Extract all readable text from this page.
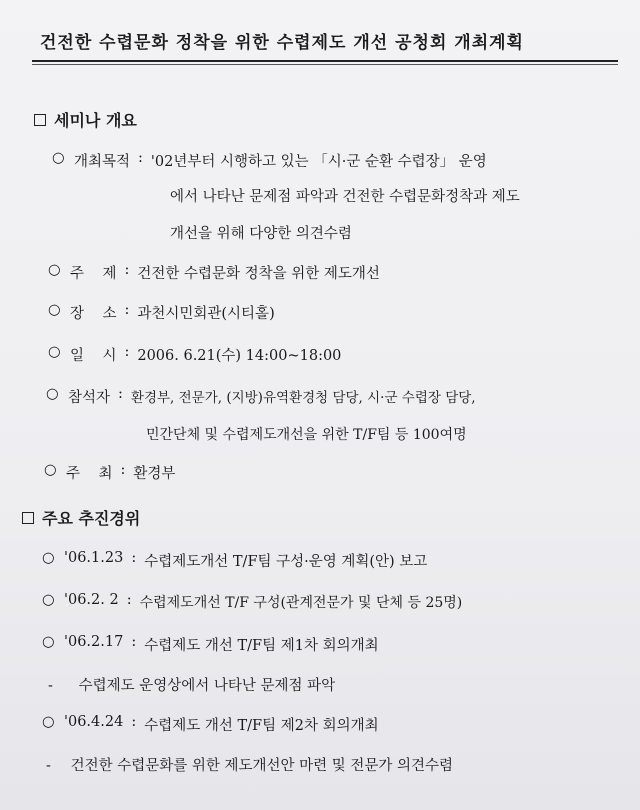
건전한 수렵문화 정착을 위한 수렵제도 개선 공청회 개최계획
세미나 개요
○ 개최목적 : '02년부터 시행하고 있는 「시·군 순환 수렵장」 운영
에서 나타난 문제점 파악과 건전한 수렵문화정착과 제도
개선을 위해 다양한 의견수렴
○ 주    제 : 건전한 수렵문화 정착을 위한 제도개선
○ 장    소 : 과천시민회관(시티홀)
○ 일    시 : 2006. 6.21(수) 14:00~18:00
○ 참석자 : 환경부, 전문가, (지방)유역환경청 담당, 시·군 수렵장 담당,
민간단체 및 수렵제도개선을 위한 T/F팀 등 100여명
○ 주    최 : 환경부
주요 추진경위
○ '06.1.23 : 수렵제도개선 T/F팀 구성·운영 계획(안) 보고
○ '06.2. 2 : 수렵제도개선 T/F 구성(관계전문가 및 단체 등 25명)
○ '06.2.17 : 수렵제도 개선 T/F팀 제1차 회의개최
- 수렵제도 운영상에서 나타난 문제점 파악
○ '06.4.24 : 수렵제도 개선 T/F팀 제2차 회의개최
- 건전한 수렵문화를 위한 제도개선안 마련 및 전문가 의견수렴
